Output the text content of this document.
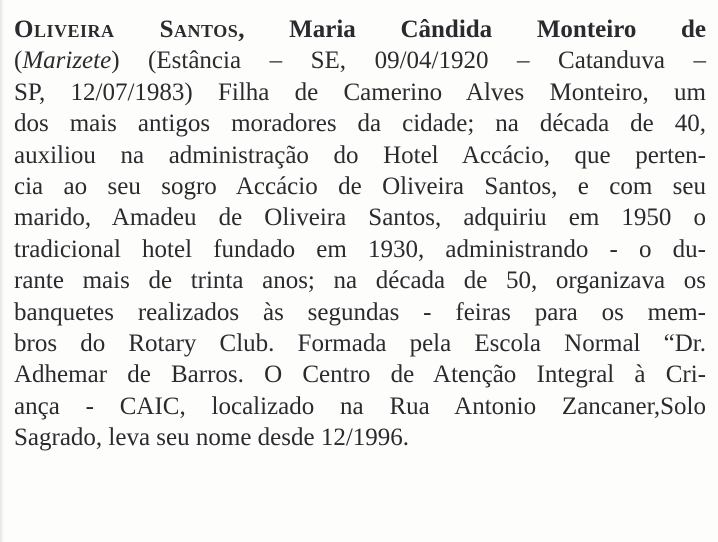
Oliveira Santos, Maria Cândida Monteiro de
(Marizete) (Estância – SE, 09/04/1920 – Catanduva –
SP, 12/07/1983) Filha de Camerino Alves Monteiro, um
dos mais antigos moradores da cidade; na década de 40,
auxiliou na administração do Hotel Accácio, que perten-
cia ao seu sogro Accácio de Oliveira Santos, e com seu
marido, Amadeu de Oliveira Santos, adquiriu em 1950 o
tradicional hotel fundado em 1930, administrando - o du-
rante mais de trinta anos; na década de 50, organizava os
banquetes realizados às segundas - feiras para os mem-
bros do Rotary Club. Formada pela Escola Normal “Dr.
Adhemar de Barros. O Centro de Atenção Integral à Cri-
ança - CAIC, localizado na Rua Antonio Zancaner,Solo
Sagrado, leva seu nome desde 12/1996.
